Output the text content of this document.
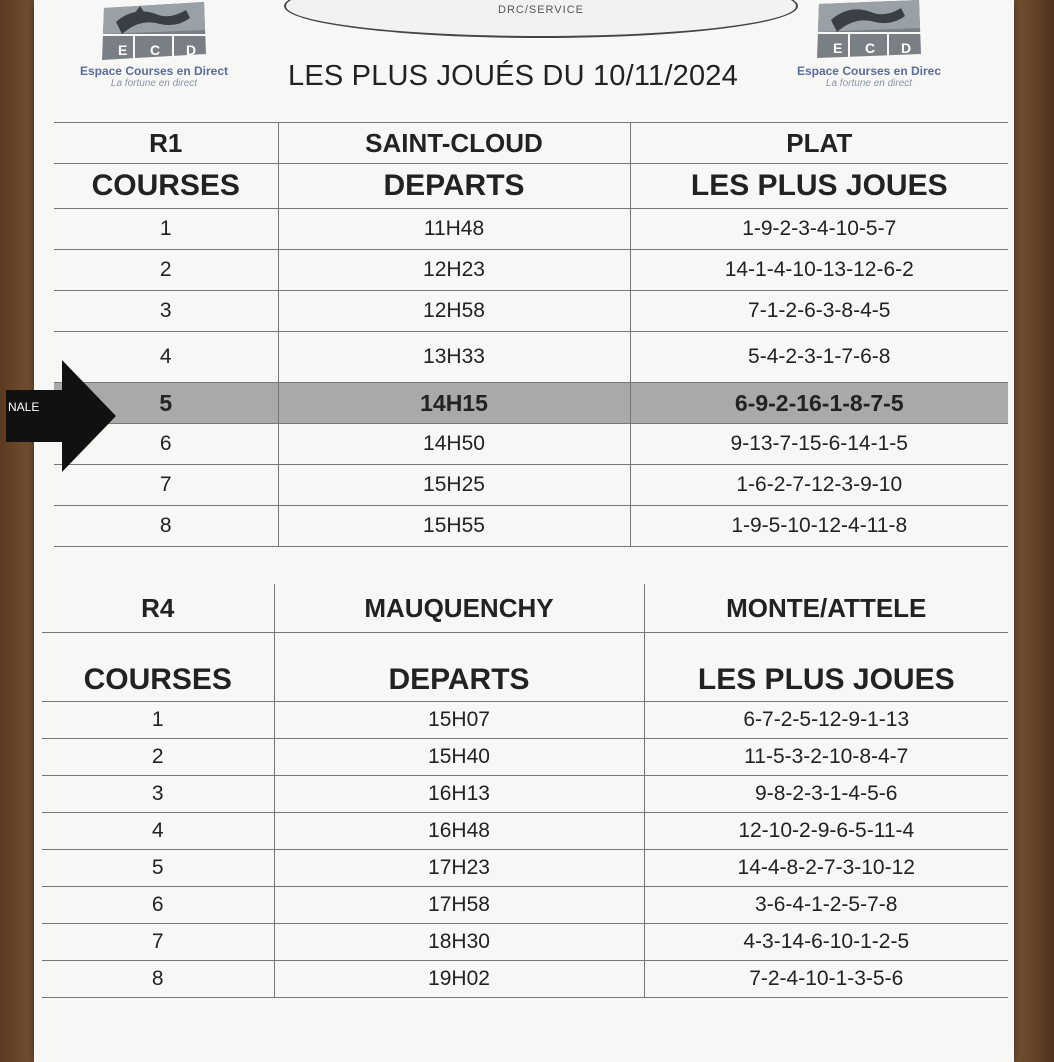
DRC/SERVICE
E C D
Espace Courses en Direct
La fortune en direct
E C D
Espace Courses en Direc
La fortune en direct
LES PLUS JOUÉS DU 10/11/2024
R1	SAINT-CLOUD	PLAT
COURSES	DEPARTS	LES PLUS JOUES
1	11H48	1-9-2-3-4-10-5-7
2	12H23	14-1-4-10-13-12-6-2
3	12H58	7-1-2-6-3-8-4-5
4	13H33	5-4-2-3-1-7-6-8
5	14H15	6-9-2-16-1-8-7-5
6	14H50	9-13-7-15-6-14-1-5
7	15H25	1-6-2-7-12-3-9-10
8	15H55	1-9-5-10-12-4-11-8
R4	MAUQUENCHY	MONTE/ATTELE
COURSES	DEPARTS	LES PLUS JOUES
1	15H07	6-7-2-5-12-9-1-13
2	15H40	11-5-3-2-10-8-4-7
3	16H13	9-8-2-3-1-4-5-6
4	16H48	12-10-2-9-6-5-11-4
5	17H23	14-4-8-2-7-3-10-12
6	17H58	3-6-4-1-2-5-7-8
7	18H30	4-3-14-6-10-1-2-5
8	19H02	7-2-4-10-1-3-5-6
NALE
